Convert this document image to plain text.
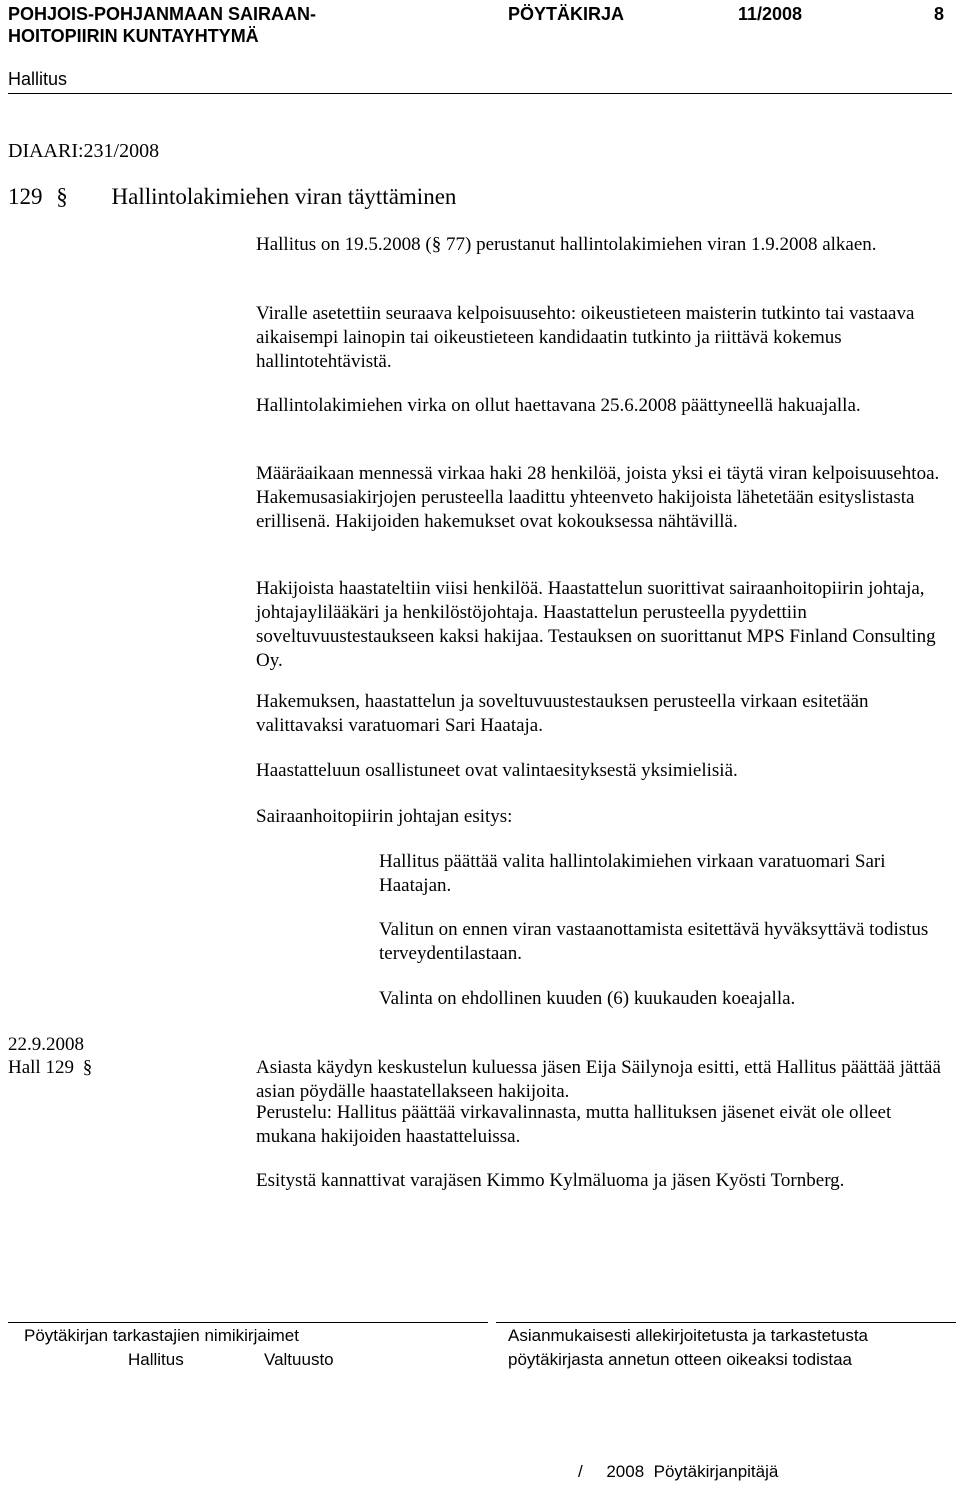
POHJOIS-POHJANMAAN SAIRAAN-
HOITOPIIRIN KUNTAYHTYMÄ
PÖYTÄKIRJA	11/2008	8
Hallitus
DIAARI:231/2008
129 § Hallintolakimiehen viran täyttäminen

Hallitus on 19.5.2008 (§ 77) perustanut hallintolakimiehen viran 1.9.2008 alkaen.

Viralle asetettiin seuraava kelpoisuusehto: oikeustieteen maisterin tutkinto tai vastaava aikaisempi lainopin tai oikeustieteen kandidaatin tutkinto ja riittävä kokemus hallintotehtävistä.

Hallintolakimiehen virka on ollut haettavana 25.6.2008 päättyneellä hakuajalla.

Määräaikaan mennessä virkaa haki 28 henkilöä, joista yksi ei täytä viran kelpoisuusehtoa. Hakemusasiakirjojen perusteella laadittu yhteenveto hakijoista lähetetään esityslistasta erillisenä. Hakijoiden hakemukset ovat kokouksessa nähtävillä.

Hakijoista haastateltiin viisi henkilöä. Haastattelun suorittivat sairaanhoitopiirin johtaja, johtajaylilääkäri ja henkilöstöjohtaja. Haastattelun perusteella pyydettiin soveltuvuustestaukseen kaksi hakijaa. Testauksen on suorittanut MPS Finland Consulting Oy.

Hakemuksen, haastattelun ja soveltuvuustestauksen perusteella virkaan esitetään valittavaksi varatuomari Sari Haataja.

Haastatteluun osallistuneet ovat valintaesityksestä yksimielisiä.

Sairaanhoitopiirin johtajan esitys:

Hallitus päättää valita hallintolakimiehen virkaan varatuomari Sari Haatajan.

Valitun on ennen viran vastaanottamista esitettävä hyväksyttävä todistus terveydentilastaan.

Valinta on ehdollinen kuuden (6) kuukauden koeajalla.

22.9.2008
Hall 129 §	Asiasta käydyn keskustelun kuluessa jäsen Eija Säilynoja esitti, että Hallitus päättää jättää asian pöydälle haastatellakseen hakijoita.

Perustelu: Hallitus päättää virkavalinnasta, mutta hallituksen jäsenet eivät ole olleet mukana hakijoiden haastatteluissa.

Esitystä kannattivat varajäsen Kimmo Kylmäluoma ja jäsen Kyösti Tornberg.

Pöytäkirjan tarkastajien nimikirjaimet
Hallitus	Valtuusto
Asianmukaisesti allekirjoitetusta ja tarkastetusta
pöytäkirjasta annetun otteen oikeaksi todistaa
/     2008  Pöytäkirjanpitäjä
